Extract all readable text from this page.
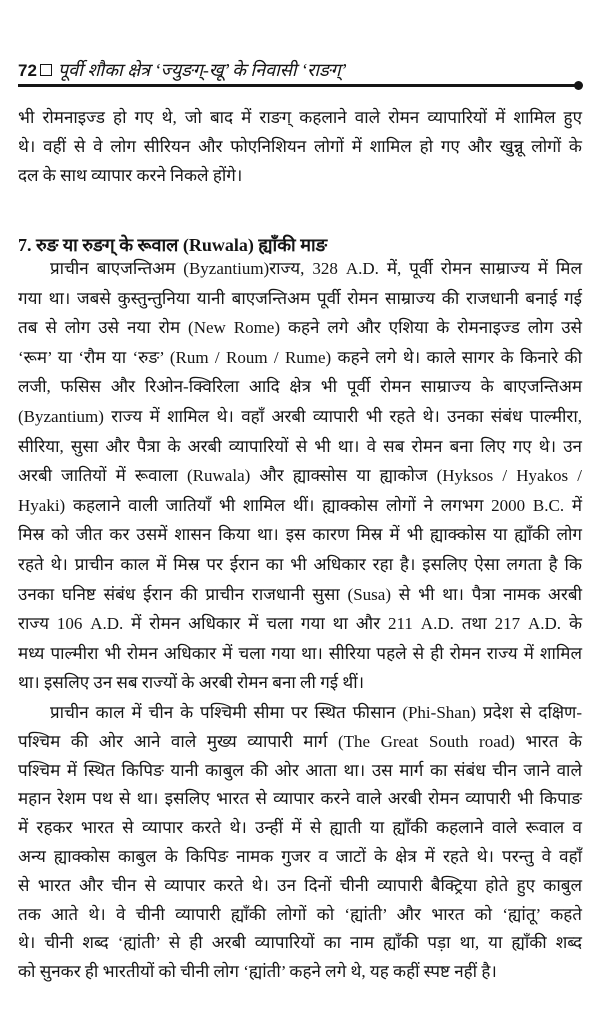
72 पूर्वी शौका क्षेत्र ‘ज्युङग्-खू’ के निवासी ‘राङग्’
भी रोमनाइज्ड हो गए थे, जो बाद में राङग् कहलाने वाले रोमन व्यापारियों में शामिल हुए
थे। वहीं से वे लोग सीरियन और फोएनिशियन लोगों में शामिल हो गए और खुन्नू लोगों के
दल के साथ व्यापार करने निकले होंगे।
7. रुङ या रुङग् के रूवाल (Ruwala) ह्याँकी माङ
प्राचीन बाएजन्तिअम (Byzantium)राज्य, 328 A.D. में, पूर्वी रोमन साम्राज्य में मिल
गया था। जबसे कुस्तुन्तुनिया यानी बाएजन्तिअम पूर्वी रोमन साम्राज्य की राजधानी बनाई गई
तब से लोग उसे नया रोम (New Rome) कहने लगे और एशिया के रोमनाइज्ड लोग उसे
‘रूम’ या ‘रौम या ‘रुङ’ (Rum / Roum / Rume) कहने लगे थे। काले सागर के किनारे की
लजी, फसिस और रिओन-क्विरिला आदि क्षेत्र भी पूर्वी रोमन साम्राज्य के बाएजन्तिअम
(Byzantium) राज्य में शामिल थे। वहाँ अरबी व्यापारी भी रहते थे। उनका संबंध पाल्मीरा,
सीरिया, सुसा और पैत्रा के अरबी व्यापारियों से भी था। वे सब रोमन बना लिए गए थे। उन
अरबी जातियों में रूवाला (Ruwala) और ह्याक्सोस या ह्याकोज (Hyksos / Hyakos /
Hyaki) कहलाने वाली जातियाँ भी शामिल थीं। ह्याक्कोस लोगों ने लगभग 2000 B.C. में
मिस्र को जीत कर उसमें शासन किया था। इस कारण मिस्र में भी ह्याक्कोस या ह्याँकी लोग
रहते थे। प्राचीन काल में मिस्र पर ईरान का भी अधिकार रहा है। इसलिए ऐसा लगता है कि
उनका घनिष्ट संबंध ईरान की प्राचीन राजधानी सुसा (Susa) से भी था। पैत्रा नामक अरबी
राज्य 106 A.D. में रोमन अधिकार में चला गया था और 211 A.D. तथा 217 A.D. के
मध्य पाल्मीरा भी रोमन अधिकार में चला गया था। सीरिया पहले से ही रोमन राज्य में शामिल
था। इसलिए उन सब राज्यों के अरबी रोमन बना ली गई थीं।
प्राचीन काल में चीन के पश्चिमी सीमा पर स्थित फीसान (Phi-Shan) प्रदेश से दक्षिण-
पश्चिम की ओर आने वाले मुख्य व्यापारी मार्ग (The Great South road) भारत के
पश्चिम में स्थित किपिङ यानी काबुल की ओर आता था। उस मार्ग का संबंध चीन जाने वाले
महान रेशम पथ से था। इसलिए भारत से व्यापार करने वाले अरबी रोमन व्यापारी भी किपाङ
में रहकर भारत से व्यापार करते थे। उन्हीं में से ह्याती या ह्याँकी कहलाने वाले रूवाल व
अन्य ह्याक्कोस काबुल के किपिङ नामक गुजर व जाटों के क्षेत्र में रहते थे। परन्तु वे वहाँ
से भारत और चीन से व्यापार करते थे। उन दिनों चीनी व्यापारी बैक्ट्रिया होते हुए काबुल
तक आते थे। वे चीनी व्यापारी ह्याँकी लोगों को ‘ह्यांती’ और भारत को ‘ह्यांतू’ कहते
थे। चीनी शब्द ‘ह्यांती’ से ही अरबी व्यापारियों का नाम ह्याँकी पड़ा था, या ह्याँकी शब्द
को सुनकर ही भारतीयों को चीनी लोग ‘ह्यांती’ कहने लगे थे, यह कहीं स्पष्ट नहीं है।
